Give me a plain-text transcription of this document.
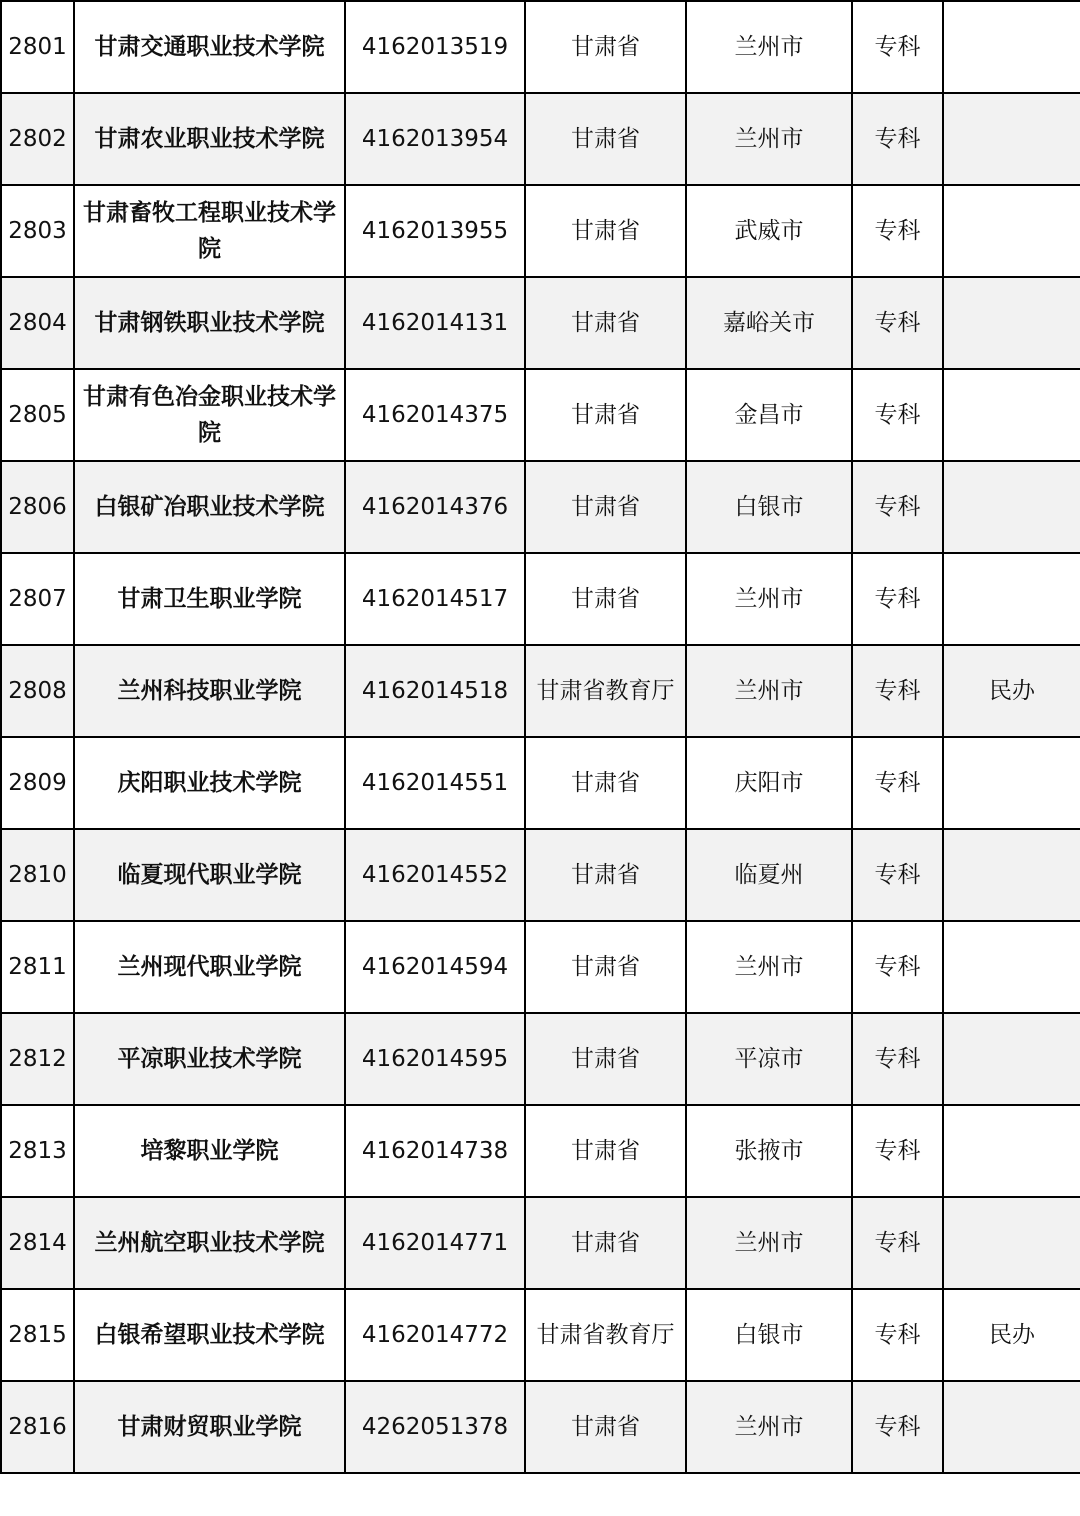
2801	甘肃交通职业技术学院	4162013519	甘肃省	兰州市	专科	
2802	甘肃农业职业技术学院	4162013954	甘肃省	兰州市	专科	
2803	甘肃畜牧工程职业技术学院	4162013955	甘肃省	武威市	专科	
2804	甘肃钢铁职业技术学院	4162014131	甘肃省	嘉峪关市	专科	
2805	甘肃有色冶金职业技术学院	4162014375	甘肃省	金昌市	专科	
2806	白银矿冶职业技术学院	4162014376	甘肃省	白银市	专科	
2807	甘肃卫生职业学院	4162014517	甘肃省	兰州市	专科	
2808	兰州科技职业学院	4162014518	甘肃省教育厅	兰州市	专科	民办
2809	庆阳职业技术学院	4162014551	甘肃省	庆阳市	专科	
2810	临夏现代职业学院	4162014552	甘肃省	临夏州	专科	
2811	兰州现代职业学院	4162014594	甘肃省	兰州市	专科	
2812	平凉职业技术学院	4162014595	甘肃省	平凉市	专科	
2813	培黎职业学院	4162014738	甘肃省	张掖市	专科	
2814	兰州航空职业技术学院	4162014771	甘肃省	兰州市	专科	
2815	白银希望职业技术学院	4162014772	甘肃省教育厅	白银市	专科	民办
2816	甘肃财贸职业学院	4262051378	甘肃省	兰州市	专科	
